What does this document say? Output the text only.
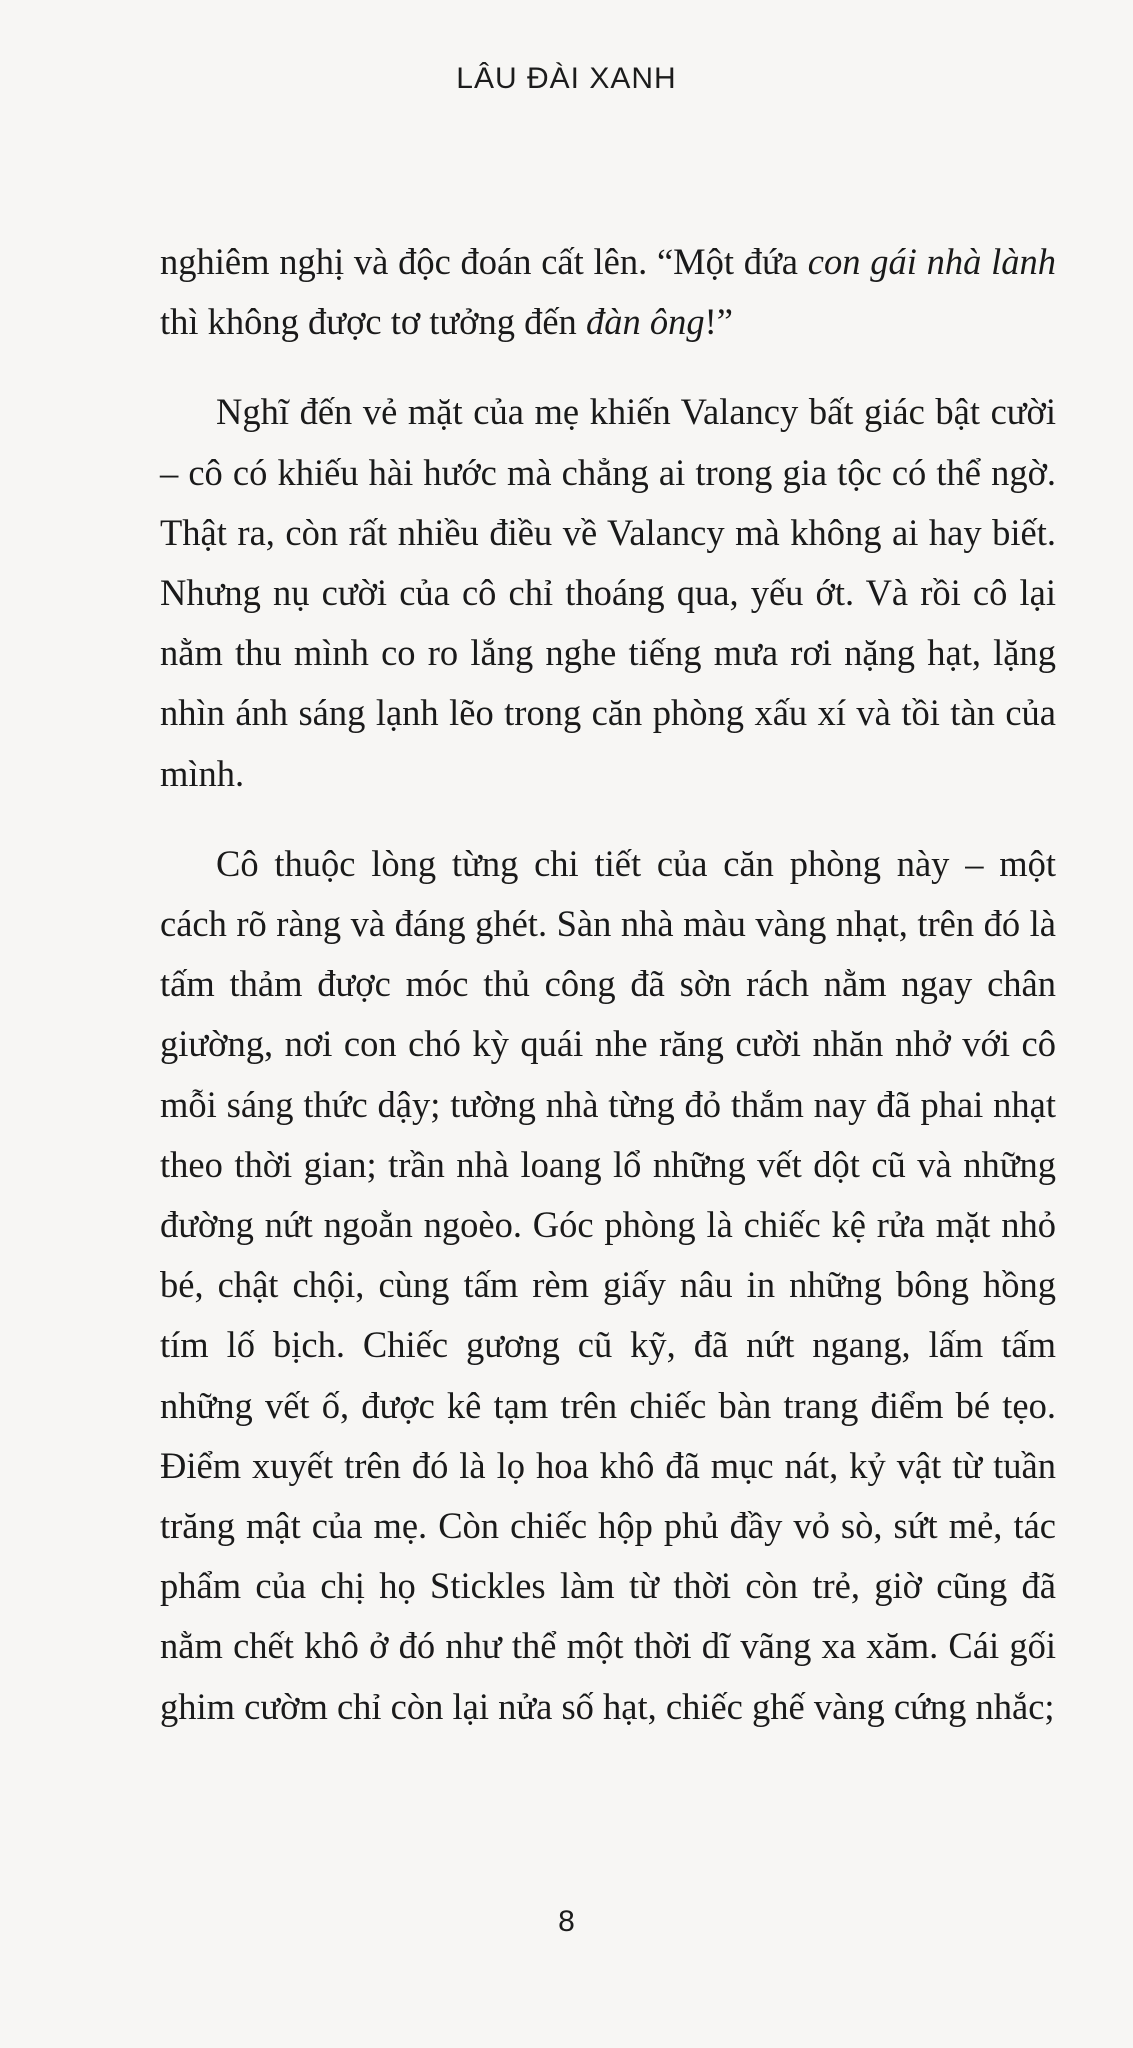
LÂU ĐÀI XANH

nghiêm nghị và độc đoán cất lên. “Một đứa con gái nhà lành thì không được tơ tưởng đến đàn ông!”

Nghĩ đến vẻ mặt của mẹ khiến Valancy bất giác bật cười – cô có khiếu hài hước mà chẳng ai trong gia tộc có thể ngờ. Thật ra, còn rất nhiều điều về Valancy mà không ai hay biết. Nhưng nụ cười của cô chỉ thoáng qua, yếu ớt. Và rồi cô lại nằm thu mình co ro lắng nghe tiếng mưa rơi nặng hạt, lặng nhìn ánh sáng lạnh lẽo trong căn phòng xấu xí và tồi tàn của mình.

Cô thuộc lòng từng chi tiết của căn phòng này – một cách rõ ràng và đáng ghét. Sàn nhà màu vàng nhạt, trên đó là tấm thảm được móc thủ công đã sờn rách nằm ngay chân giường, nơi con chó kỳ quái nhe răng cười nhăn nhở với cô mỗi sáng thức dậy; tường nhà từng đỏ thắm nay đã phai nhạt theo thời gian; trần nhà loang lổ những vết dột cũ và những đường nứt ngoằn ngoèo. Góc phòng là chiếc kệ rửa mặt nhỏ bé, chật chội, cùng tấm rèm giấy nâu in những bông hồng tím lố bịch. Chiếc gương cũ kỹ, đã nứt ngang, lấm tấm những vết ố, được kê tạm trên chiếc bàn trang điểm bé tẹo. Điểm xuyết trên đó là lọ hoa khô đã mục nát, kỷ vật từ tuần trăng mật của mẹ. Còn chiếc hộp phủ đầy vỏ sò, sứt mẻ, tác phẩm của chị họ Stickles làm từ thời còn trẻ, giờ cũng đã nằm chết khô ở đó như thể một thời dĩ vãng xa xăm. Cái gối ghim cườm chỉ còn lại nửa số hạt, chiếc ghế vàng cứng nhắc;

8
